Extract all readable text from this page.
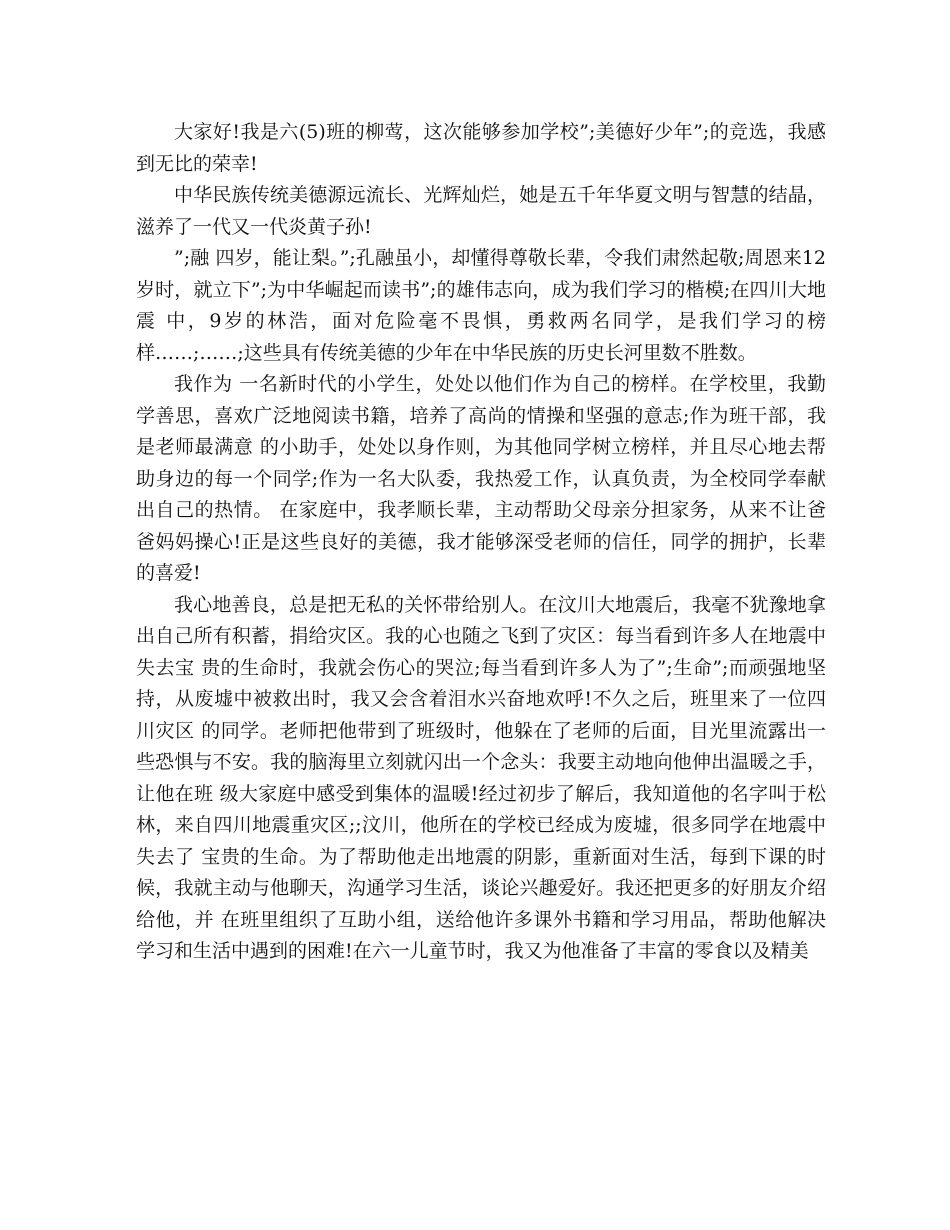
大家好!我是六(5)班的柳莺，这次能够参加学校”;美德好少年”;的竞选，我感到无比的荣幸!

中华民族传统美德源远流长、光辉灿烂，她是五千年华夏文明与智慧的结晶，滋养了一代又一代炎黄子孙!

”;融 四岁，能让梨。”;孔融虽小，却懂得尊敬长辈，令我们肃然起敬;周恩来12岁时，就立下”;为中华崛起而读书”;的雄伟志向，成为我们学习的楷模;在四川大地震 中，9岁的林浩，面对危险毫不畏惧，勇救两名同学，是我们学习的榜样……;……;这些具有传统美德的少年在中华民族的历史长河里数不胜数。

我作为 一名新时代的小学生，处处以他们作为自己的榜样。在学校里，我勤学善思，喜欢广泛地阅读书籍，培养了高尚的情操和坚强的意志;作为班干部，我是老师最满意 的小助手，处处以身作则，为其他同学树立榜样，并且尽心地去帮助身边的每一个同学;作为一名大队委，我热爱工作，认真负责，为全校同学奉献出自己的热情。 在家庭中，我孝顺长辈，主动帮助父母亲分担家务，从来不让爸爸妈妈操心!正是这些良好的美德，我才能够深受老师的信任，同学的拥护，长辈的喜爱!

我心地善良，总是把无私的关怀带给别人。在汶川大地震后，我毫不犹豫地拿出自己所有积蓄，捐给灾区。我的心也随之飞到了灾区：每当看到许多人在地震中失去宝 贵的生命时，我就会伤心的哭泣;每当看到许多人为了”;生命”;而顽强地坚持，从废墟中被救出时，我又会含着泪水兴奋地欢呼!不久之后，班里来了一位四川灾区 的同学。老师把他带到了班级时，他躲在了老师的后面，目光里流露出一些恐惧与不安。我的脑海里立刻就闪出一个念头：我要主动地向他伸出温暖之手，让他在班 级大家庭中感受到集体的温暖!经过初步了解后，我知道他的名字叫于松林，来自四川地震重灾区;;汶川，他所在的学校已经成为废墟，很多同学在地震中失去了 宝贵的生命。为了帮助他走出地震的阴影，重新面对生活，每到下课的时候，我就主动与他聊天，沟通学习生活，谈论兴趣爱好。我还把更多的好朋友介绍给他，并 在班里组织了互助小组，送给他许多课外书籍和学习用品，帮助他解决学习和生活中遇到的困难!在六一儿童节时，我又为他准备了丰富的零食以及精美
